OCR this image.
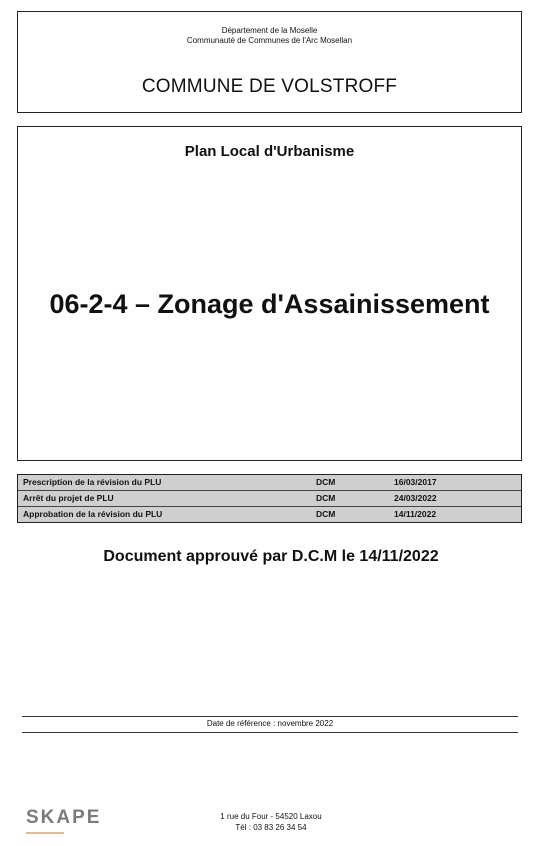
Département de la Moselle
Communauté de Communes de l'Arc Mosellan
COMMUNE DE VOLSTROFF
Plan Local d'Urbanisme
06-2-4 – Zonage d'Assainissement
Prescription de la révision du PLU	DCM	16/03/2017
Arrêt du projet de PLU	DCM	24/03/2022
Approbation de la révision du PLU	DCM	14/11/2022
Document approuvé par D.C.M le 14/11/2022
Date de référence : novembre 2022
SKAPE	1 rue du Four - 54520 Laxou
Tél : 03 83 26 34 54
